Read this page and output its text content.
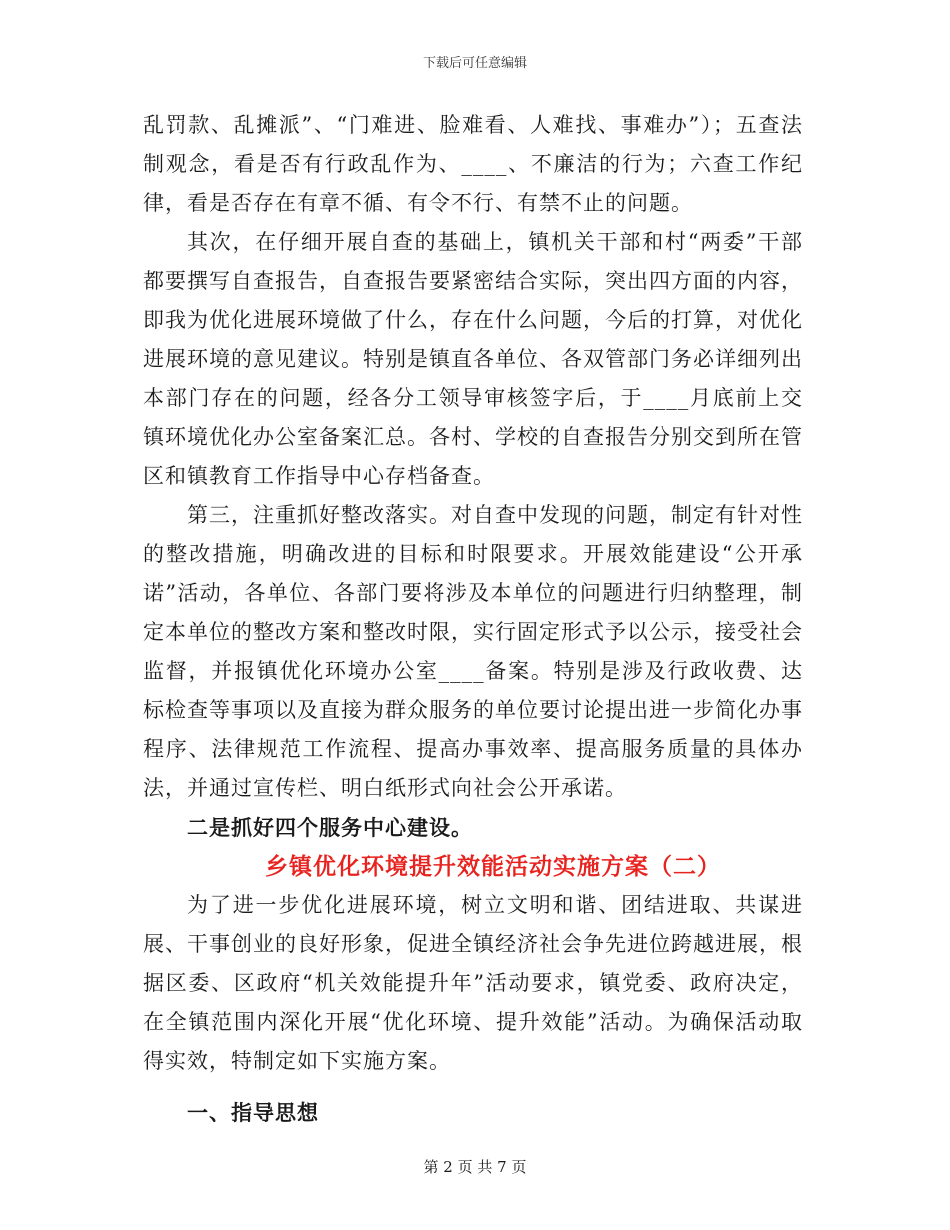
下载后可任意编辑

乱罚款、乱摊派”、“门难进、脸难看、人难找、事难办”）；五查法制观念，看是否有行政乱作为、____、不廉洁的行为；六查工作纪律，看是否存在有章不循、有令不行、有禁不止的问题。

其次，在仔细开展自查的基础上，镇机关干部和村“两委”干部都要撰写自查报告，自查报告要紧密结合实际，突出四方面的内容，即我为优化进展环境做了什么，存在什么问题，今后的打算，对优化进展环境的意见建议。特别是镇直各单位、各双管部门务必详细列出本部门存在的问题，经各分工领导审核签字后，于____月底前上交镇环境优化办公室备案汇总。各村、学校的自查报告分别交到所在管区和镇教育工作指导中心存档备查。

第三，注重抓好整改落实。对自查中发现的问题，制定有针对性的整改措施，明确改进的目标和时限要求。开展效能建设“公开承诺”活动，各单位、各部门要将涉及本单位的问题进行归纳整理，制定本单位的整改方案和整改时限，实行固定形式予以公示，接受社会监督，并报镇优化环境办公室____备案。特别是涉及行政收费、达标检查等事项以及直接为群众服务的单位要讨论提出进一步简化办事程序、法律规范工作流程、提高办事效率、提高服务质量的具体办法，并通过宣传栏、明白纸形式向社会公开承诺。

二是抓好四个服务中心建设。

乡镇优化环境提升效能活动实施方案（二）

为了进一步优化进展环境，树立文明和谐、团结进取、共谋进展、干事创业的良好形象，促进全镇经济社会争先进位跨越进展，根据区委、区政府“机关效能提升年”活动要求，镇党委、政府决定，在全镇范围内深化开展“优化环境、提升效能”活动。为确保活动取得实效，特制定如下实施方案。

一、指导思想

第 2 页 共 7 页
